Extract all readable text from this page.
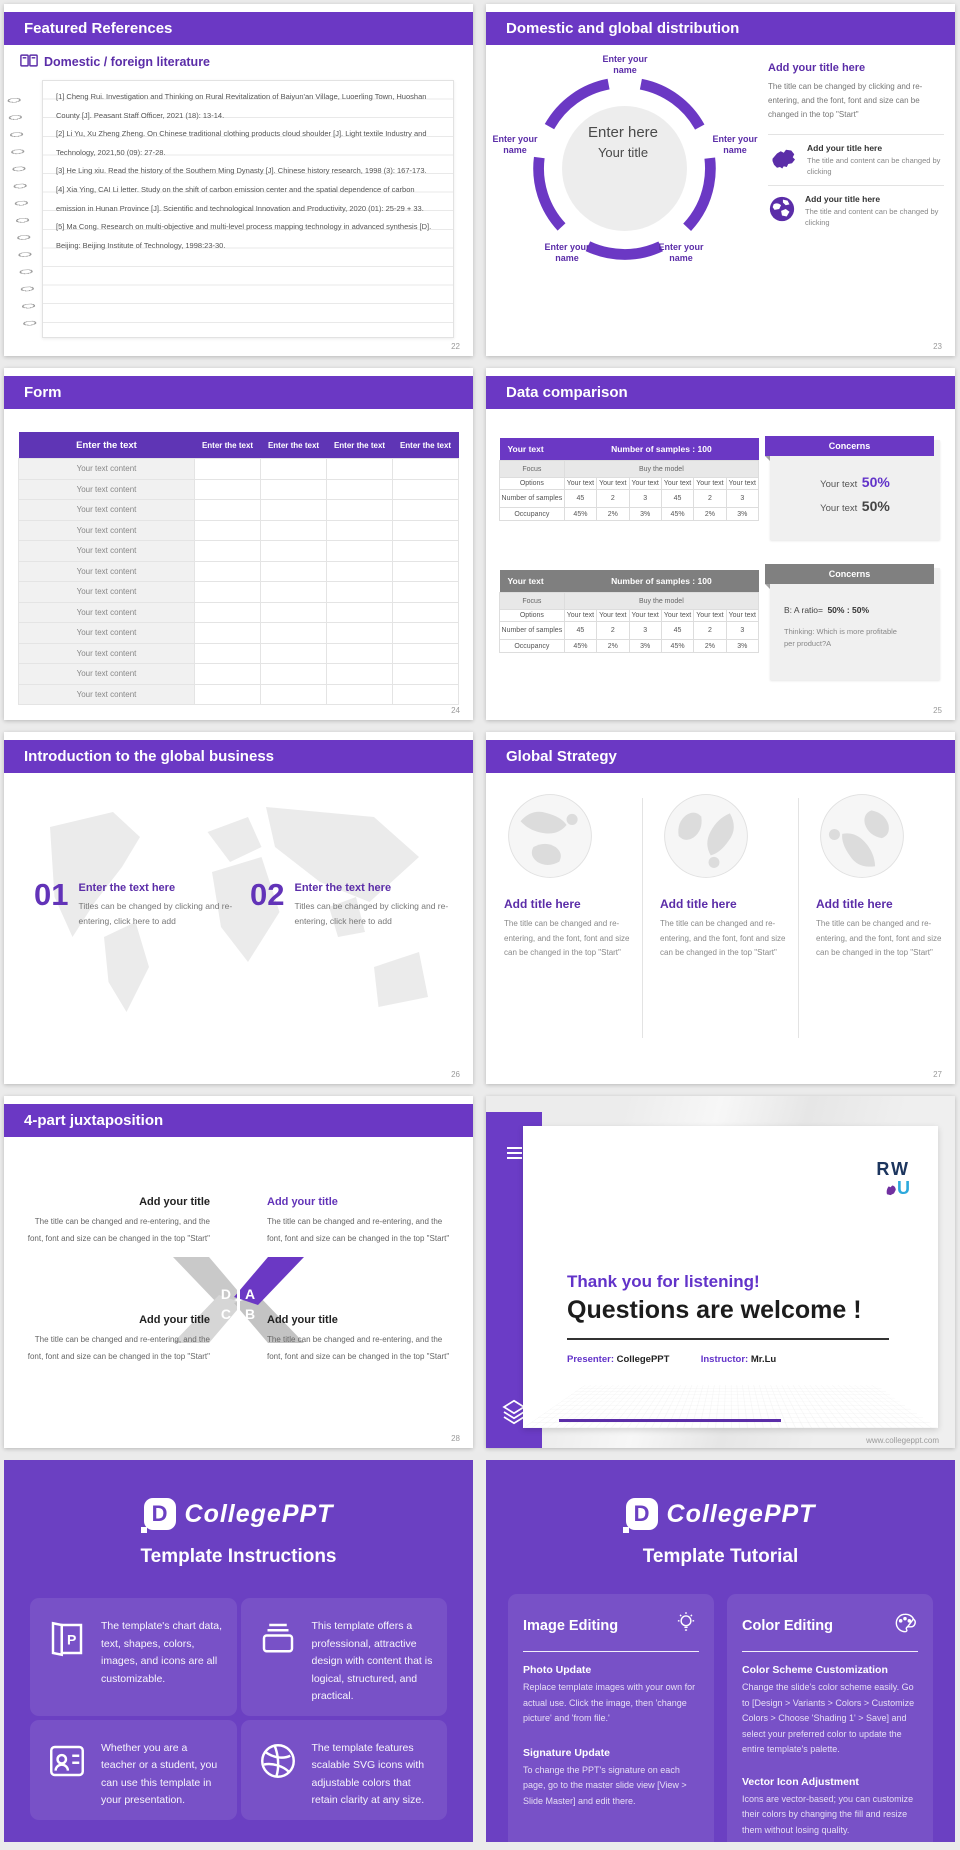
Featured References
Domestic / foreign literature

[1] Cheng Rui. Investigation and Thinking on Rural Revitalization of Baiyun'an Village, Luoerling Town, Huoshan County [J]. Peasant Staff Officer, 2021 (18): 13-14.

[2] Li Yu, Xu Zheng Zheng. On Chinese traditional clothing products cloud shoulder [J]. Light textile Industry and Technology, 2021,50 (09): 27-28.

[3] He Ling xiu. Read the history of the Southern Ming Dynasty [J]. Chinese history research, 1998 (3): 167-173.

[4] Xia Ying, CAI Li letter. Study on the shift of carbon emission center and the spatial dependence of carbon emission in Hunan Province [J]. Scientific and technological Innovation and Productivity, 2020 (01): 25-29 + 33.

[5] Ma Cong. Research on multi-objective and multi-level process mapping technology in advanced synthesis [D]. Beijing: Beijing Institute of Technology, 1998:23-30.

22
Domestic and global distribution
Enter here
Your title
Enter your name
Enter your name
Enter your name
Enter your name
Enter your name
Add your title here
The title can be changed by clicking and re-entering, and the font, font and size can be changed in the top "Start"
Add your title here
The title and content can be changed by clicking
Add your title here
The title and content can be changed by clicking
23
Form
Enter the text	Enter the text	Enter the text	Enter the text	Enter the text
Your text content				
Your text content				
Your text content				
Your text content				
Your text content				
Your text content				
Your text content				
Your text content				
Your text content				
Your text content				
Your text content				
Your text content				
24
Data comparison
Your text	Number of samples : 100					
Focus	Buy the model					
Options	Your text	Your text	Your text	Your text	Your text	Your text
Number of samples	45	2	3	45	2	3
Occupancy	45%	2%	3%	45%	2%	3%
Your text	Number of samples : 100					
Focus	Buy the model					
Options	Your text	Your text	Your text	Your text	Your text	Your text
Number of samples	45	2	3	45	2	3
Occupancy	45%	2%	3%	45%	2%	3%
Concerns
Your text 50%
Your text 50%
Concerns
B: A ratio= 50% : 50%
Thinking: Which is more profitable per product?A
25
Introduction to the global business
01 Enter the text here
Titles can be changed by clicking and re-entering, click here to add
02 Enter the text here
Titles can be changed by clicking and re-entering, click here to add
26
Global Strategy
Add title here
The title can be changed and re-entering, and the font, font and size can be changed in the top "Start"
Add title here
The title can be changed and re-entering, and the font, font and size can be changed in the top "Start"
Add title here
The title can be changed and re-entering, and the font, font and size can be changed in the top "Start"
27
4-part juxtaposition
D A
C B
Add your title
The title can be changed and re-entering, and the font, font and size can be changed in the top "Start"
Add your title
The title can be changed and re-entering, and the font, font and size can be changed in the top "Start"
Add your title
The title can be changed and re-entering, and the font, font and size can be changed in the top "Start"
Add your title
The title can be changed and re-entering, and the font, font and size can be changed in the top "Start"
28
RW
U
Thank you for listening!
Questions are welcome !
Presenter: CollegePPT	Instructor: Mr.Lu
www.collegeppt.com
D CollegePPT
Template Instructions
P
The template's chart data, text, shapes, colors, images, and icons are all customizable.
This template offers a professional, attractive design with content that is logical, structured, and practical.
Whether you are a teacher or a student, you can use this template in your presentation.
The template features scalable SVG icons with adjustable colors that retain clarity at any size.
D CollegePPT
Template Tutorial
Image Editing
Photo Update
Replace template images with your own for actual use. Click the image, then 'change picture' and 'from file.'
Signature Update
To change the PPT's signature on each page, go to the master slide view [View > Slide Master] and edit there.
Color Editing
Color Scheme Customization
Change the slide's color scheme easily. Go to [Design > Variants > Colors > Customize Colors > Choose 'Shading 1' > Save] and select your preferred color to update the entire template's palette.
Vector Icon Adjustment
Icons are vector-based; you can customize their colors by changing the fill and resize them without losing quality.
